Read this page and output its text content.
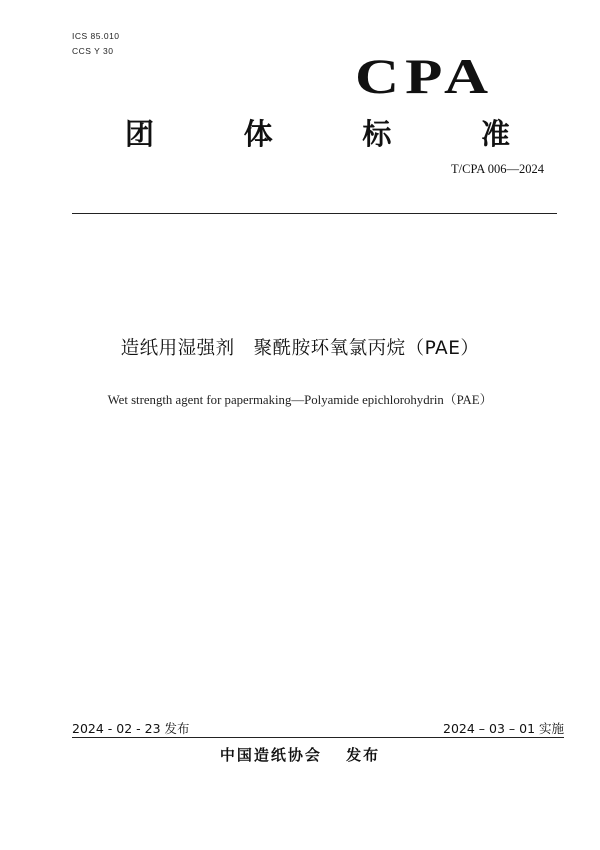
ICS 85.010
CCS Y 30	CPA
团	体	标	准
T/CPA 006—2024
造纸用湿强剂　聚酰胺环氧氯丙烷（PAE）
Wet strength agent for papermaking—Polyamide epichlorohydrin（PAE）
2024 - 02 - 23 发布	2024 – 03 – 01 实施
中国造纸协会　 发布
